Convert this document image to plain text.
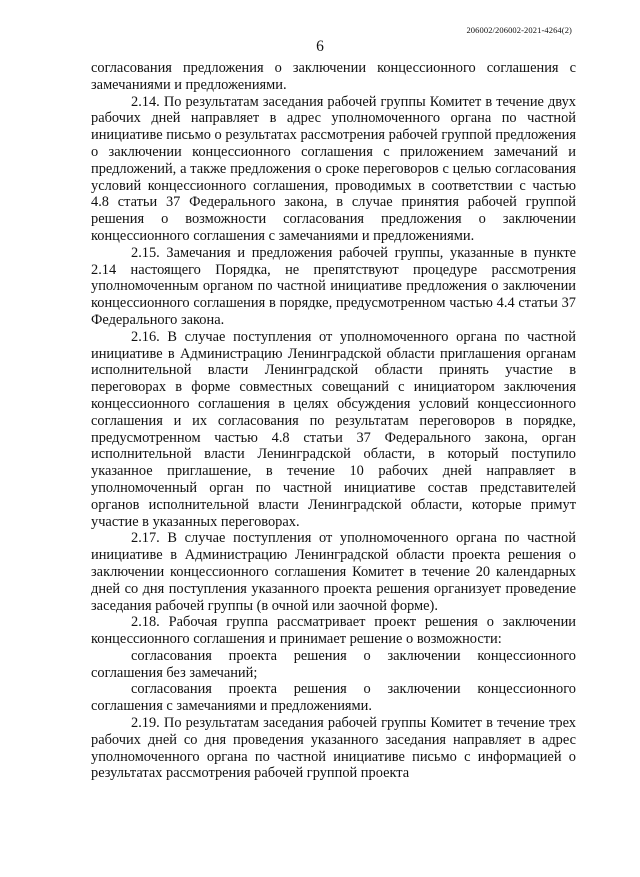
206002/206002-2021-4264(2)
6

согласования предложения о заключении концессионного соглашения с замечаниями и предложениями.

2.14. По результатам заседания рабочей группы Комитет в течение двух рабочих дней направляет в адрес уполномоченного органа по частной инициативе письмо о результатах рассмотрения рабочей группой предложения о заключении концессионного соглашения с приложением замечаний и предложений, а также предложения о сроке переговоров с целью согласования условий концессионного соглашения, проводимых в соответствии с частью 4.8 статьи 37 Федерального закона, в случае принятия рабочей группой решения о возможности согласования предложения о заключении концессионного соглашения с замечаниями и предложениями.

2.15. Замечания и предложения рабочей группы, указанные в пункте 2.14 настоящего Порядка, не препятствуют процедуре рассмотрения уполномоченным органом по частной инициативе предложения о заключении концессионного соглашения в порядке, предусмотренном частью 4.4 статьи 37 Федерального закона.

2.16. В случае поступления от уполномоченного органа по частной инициативе в Администрацию Ленинградской области приглашения органам исполнительной власти Ленинградской области принять участие в переговорах в форме совместных совещаний с инициатором заключения концессионного соглашения в целях обсуждения условий концессионного соглашения и их согласования по результатам переговоров в порядке, предусмотренном частью 4.8 статьи 37 Федерального закона, орган исполнительной власти Ленинградской области, в который поступило указанное приглашение, в течение 10 рабочих дней направляет в уполномоченный орган по частной инициативе состав представителей органов исполнительной власти Ленинградской области, которые примут участие в указанных переговорах.

2.17. В случае поступления от уполномоченного органа по частной инициативе в Администрацию Ленинградской области проекта решения о заключении концессионного соглашения Комитет в течение 20 календарных дней со дня поступления указанного проекта решения организует проведение заседания рабочей группы (в очной или заочной форме).

2.18. Рабочая группа рассматривает проект решения о заключении концессионного соглашения и принимает решение о возможности:

согласования проекта решения о заключении концессионного соглашения без замечаний;

согласования проекта решения о заключении концессионного соглашения с замечаниями и предложениями.

2.19. По результатам заседания рабочей группы Комитет в течение трех рабочих дней со дня проведения указанного заседания направляет в адрес уполномоченного органа по частной инициативе письмо с информацией о результатах рассмотрения рабочей группой проекта
